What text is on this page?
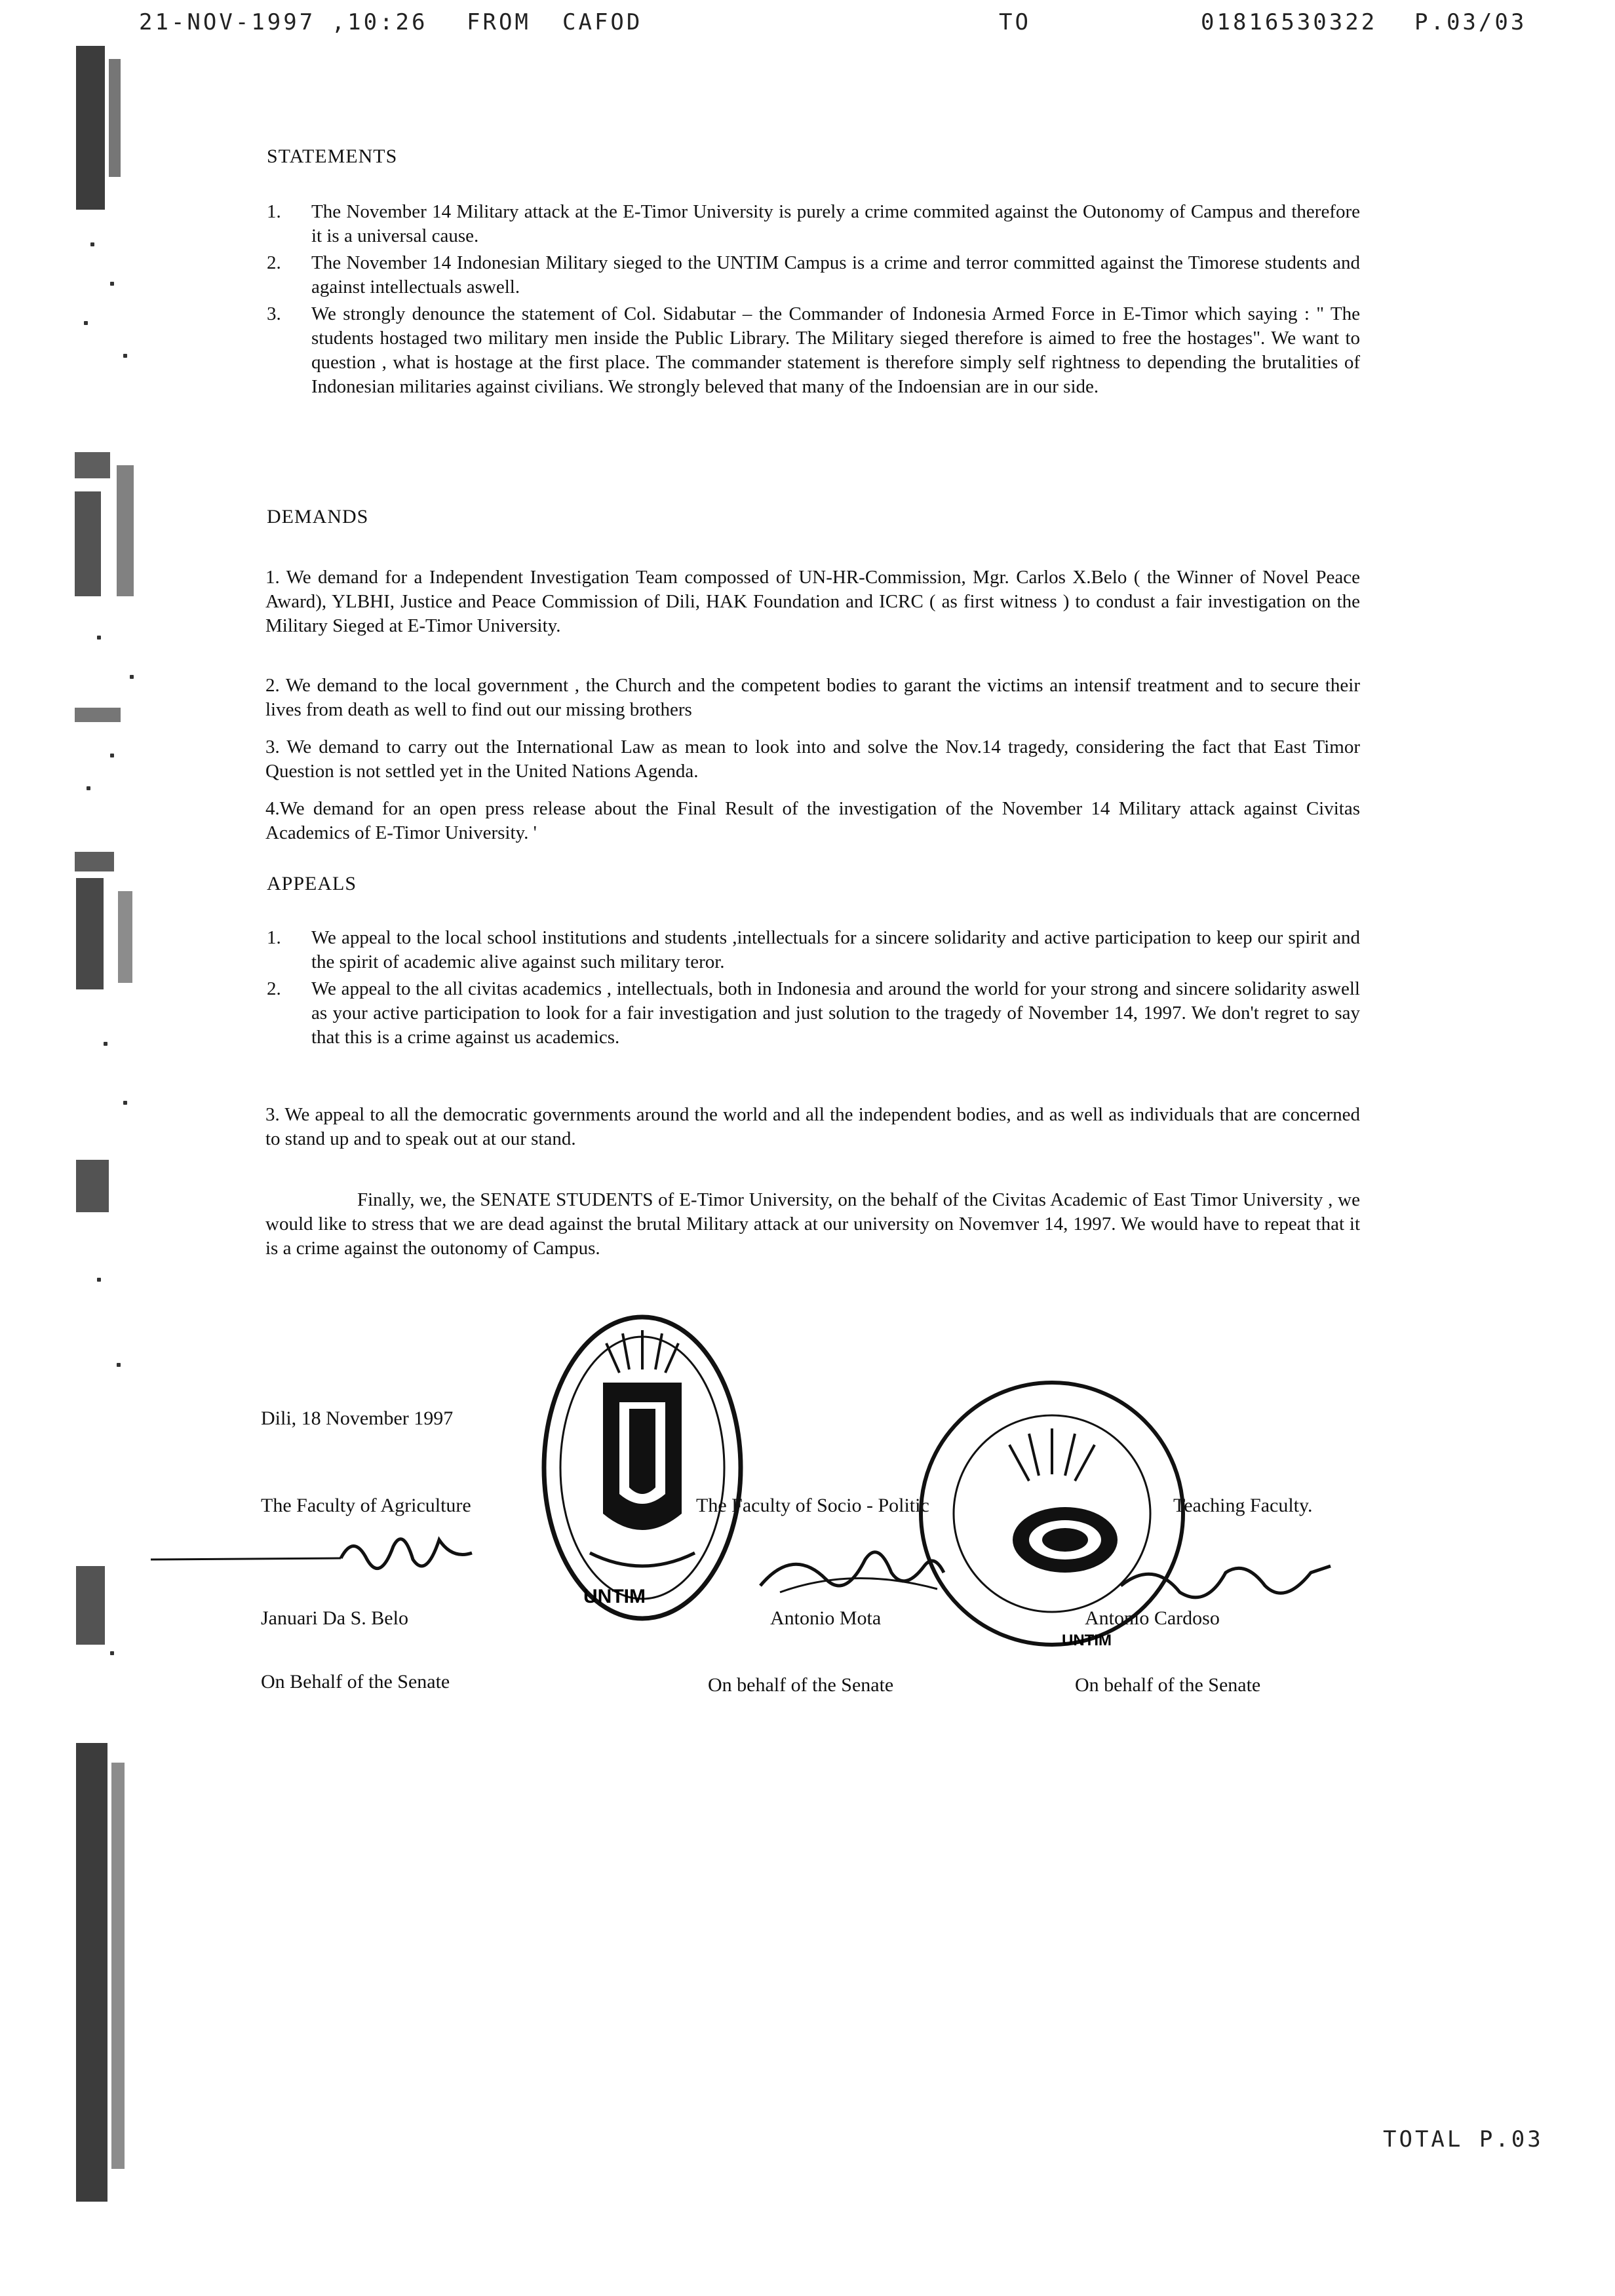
21-NOV-1997 ,10:26 FROM CAFOD	TO	01816530322 P.03/03
STATEMENTS
1. The November 14 Military attack at the E-Timor University is purely a crime commited against the Outonomy of Campus and therefore it is a universal cause.
2. The November 14 Indonesian Military sieged to the UNTIM Campus is a crime and terror committed against the Timorese students and against intellectuals aswell.
3. We strongly denounce the statement of Col. Sidabutar – the Commander of Indonesia Armed Force in E-Timor which saying : " The students hostaged two military men inside the Public Library. The Military sieged therefore is aimed to free the hostages". We want to question , what is hostage at the first place. The commander statement is therefore simply self rightness to depending the brutalities of Indonesian militaries against civilians. We strongly beleved that many of the Indoensian are in our side.
DEMANDS
1. We demand for a Independent Investigation Team compossed of UN-HR-Commission, Mgr. Carlos X.Belo ( the Winner of Novel Peace Award), YLBHI, Justice and Peace Commission of Dili, HAK Foundation and ICRC ( as first witness ) to condust a fair investigation on the Military Sieged at E-Timor University.
2. We demand to the local government , the Church and the competent bodies to garant the victims an intensif treatment and to secure their lives from death as well to find out our missing brothers
3. We demand to carry out the International Law as mean to look into and solve the Nov.14 tragedy, considering the fact that East Timor Question is not settled yet in the United Nations Agenda.
4.We demand for an open press release about the Final Result of the investigation of the November 14 Military attack against Civitas Academics of E-Timor University. '
APPEALS
1. We appeal to the local school institutions and students ,intellectuals for a sincere solidarity and active participation to keep our spirit and the spirit of academic alive against such military teror.
2. We appeal to the all civitas academics , intellectuals, both in Indonesia and around the world for your strong and sincere solidarity aswell as your active participation to look for a fair investigation and just solution to the tragedy of November 14, 1997. We don't regret to say that this is a crime against us academics.
3. We appeal to all the democratic governments around the world and all the independent bodies, and as well as individuals that are concerned to stand up and to speak out at our stand.
Finally, we, the SENATE STUDENTS of E-Timor University, on the behalf of the Civitas Academic of East Timor University , we would like to stress that we are dead against the brutal Military attack at our university on Novemver 14, 1997. We would have to repeat that it is a crime against the outonomy of Campus.
UNTIM
UNTIM
Dili, 18 November 1997
The Faculty of Agriculture	The Faculty of Socio - Politic	Teaching Faculty.
Januari Da S. Belo	Antonio Mota	Antonio Cardoso
On Behalf of the Senate	On behalf of the Senate	On behalf of the Senate
TOTAL P.03
